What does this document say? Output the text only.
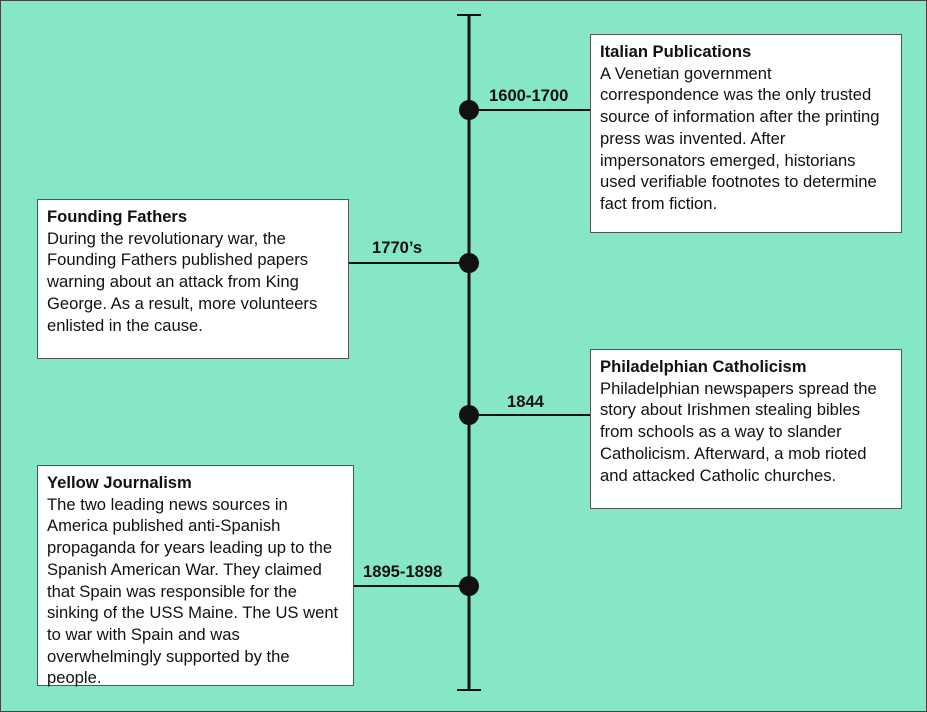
1600-1700
1770’s
1844
1895-1898
Italian Publications
A Venetian government correspondence was the only trusted source of information after the printing press was invented. After impersonators emerged, historians used verifiable footnotes to determine fact from fiction.
Founding Fathers
During the revolutionary war, the Founding Fathers published papers warning about an attack from King George. As a result, more volunteers enlisted in the cause.
Philadelphian Catholicism
Philadelphian newspapers spread the story about Irishmen stealing bibles from schools as a way to slander Catholicism. Afterward, a mob rioted and attacked Catholic churches.
Yellow Journalism
The two leading news sources in America published anti-Spanish propaganda for years leading up to the Spanish American War. They claimed that Spain was responsible for the sinking of the USS Maine. The US went to war with Spain and was overwhelmingly supported by the people.
